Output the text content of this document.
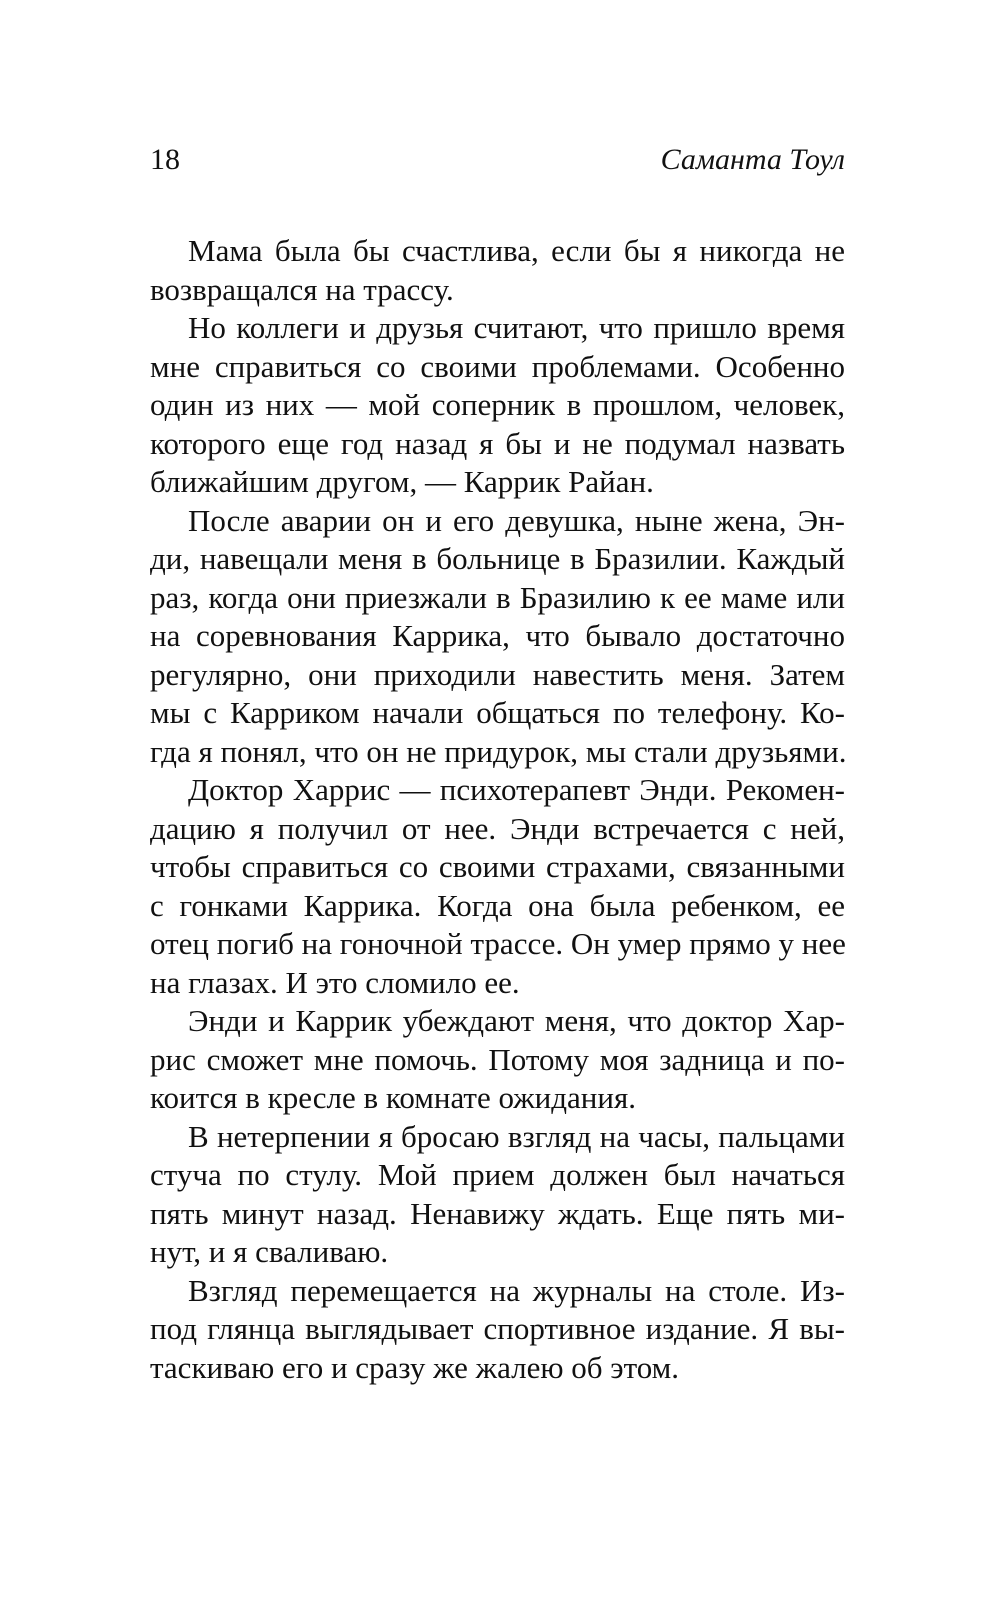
18	Саманта Тоул

Мама была бы счастлива, если бы я никогда не
возвращался на трассу.

Но коллеги и друзья считают, что пришло время
мне справиться со своими проблемами. Особенно
один из них — мой соперник в прошлом, человек,
которого еще год назад я бы и не подумал назвать
ближайшим другом, — Каррик Райан.

После аварии он и его девушка, ныне жена, Эн-
ди, навещали меня в больнице в Бразилии. Каждый
раз, когда они приезжали в Бразилию к ее маме или
на соревнования Каррика, что бывало достаточно
регулярно, они приходили навестить меня. Затем
мы с Карриком начали общаться по телефону. Ко-
гда я понял, что он не придурок, мы стали друзьями.

Доктор Харрис — психотерапевт Энди. Рекомен-
дацию я получил от нее. Энди встречается с ней,
чтобы справиться со своими страхами, связанными
с гонками Каррика. Когда она была ребенком, ее
отец погиб на гоночной трассе. Он умер прямо у нее
на глазах. И это сломило ее.

Энди и Каррик убеждают меня, что доктор Хар-
рис сможет мне помочь. Потому моя задница и по-
коится в кресле в комнате ожидания.

В нетерпении я бросаю взгляд на часы, пальцами
стуча по стулу. Мой прием должен был начаться
пять минут назад. Ненавижу ждать. Еще пять ми-
нут, и я сваливаю.

Взгляд перемещается на журналы на столе. Из-
под глянца выглядывает спортивное издание. Я вы-
таскиваю его и сразу же жалею об этом.
